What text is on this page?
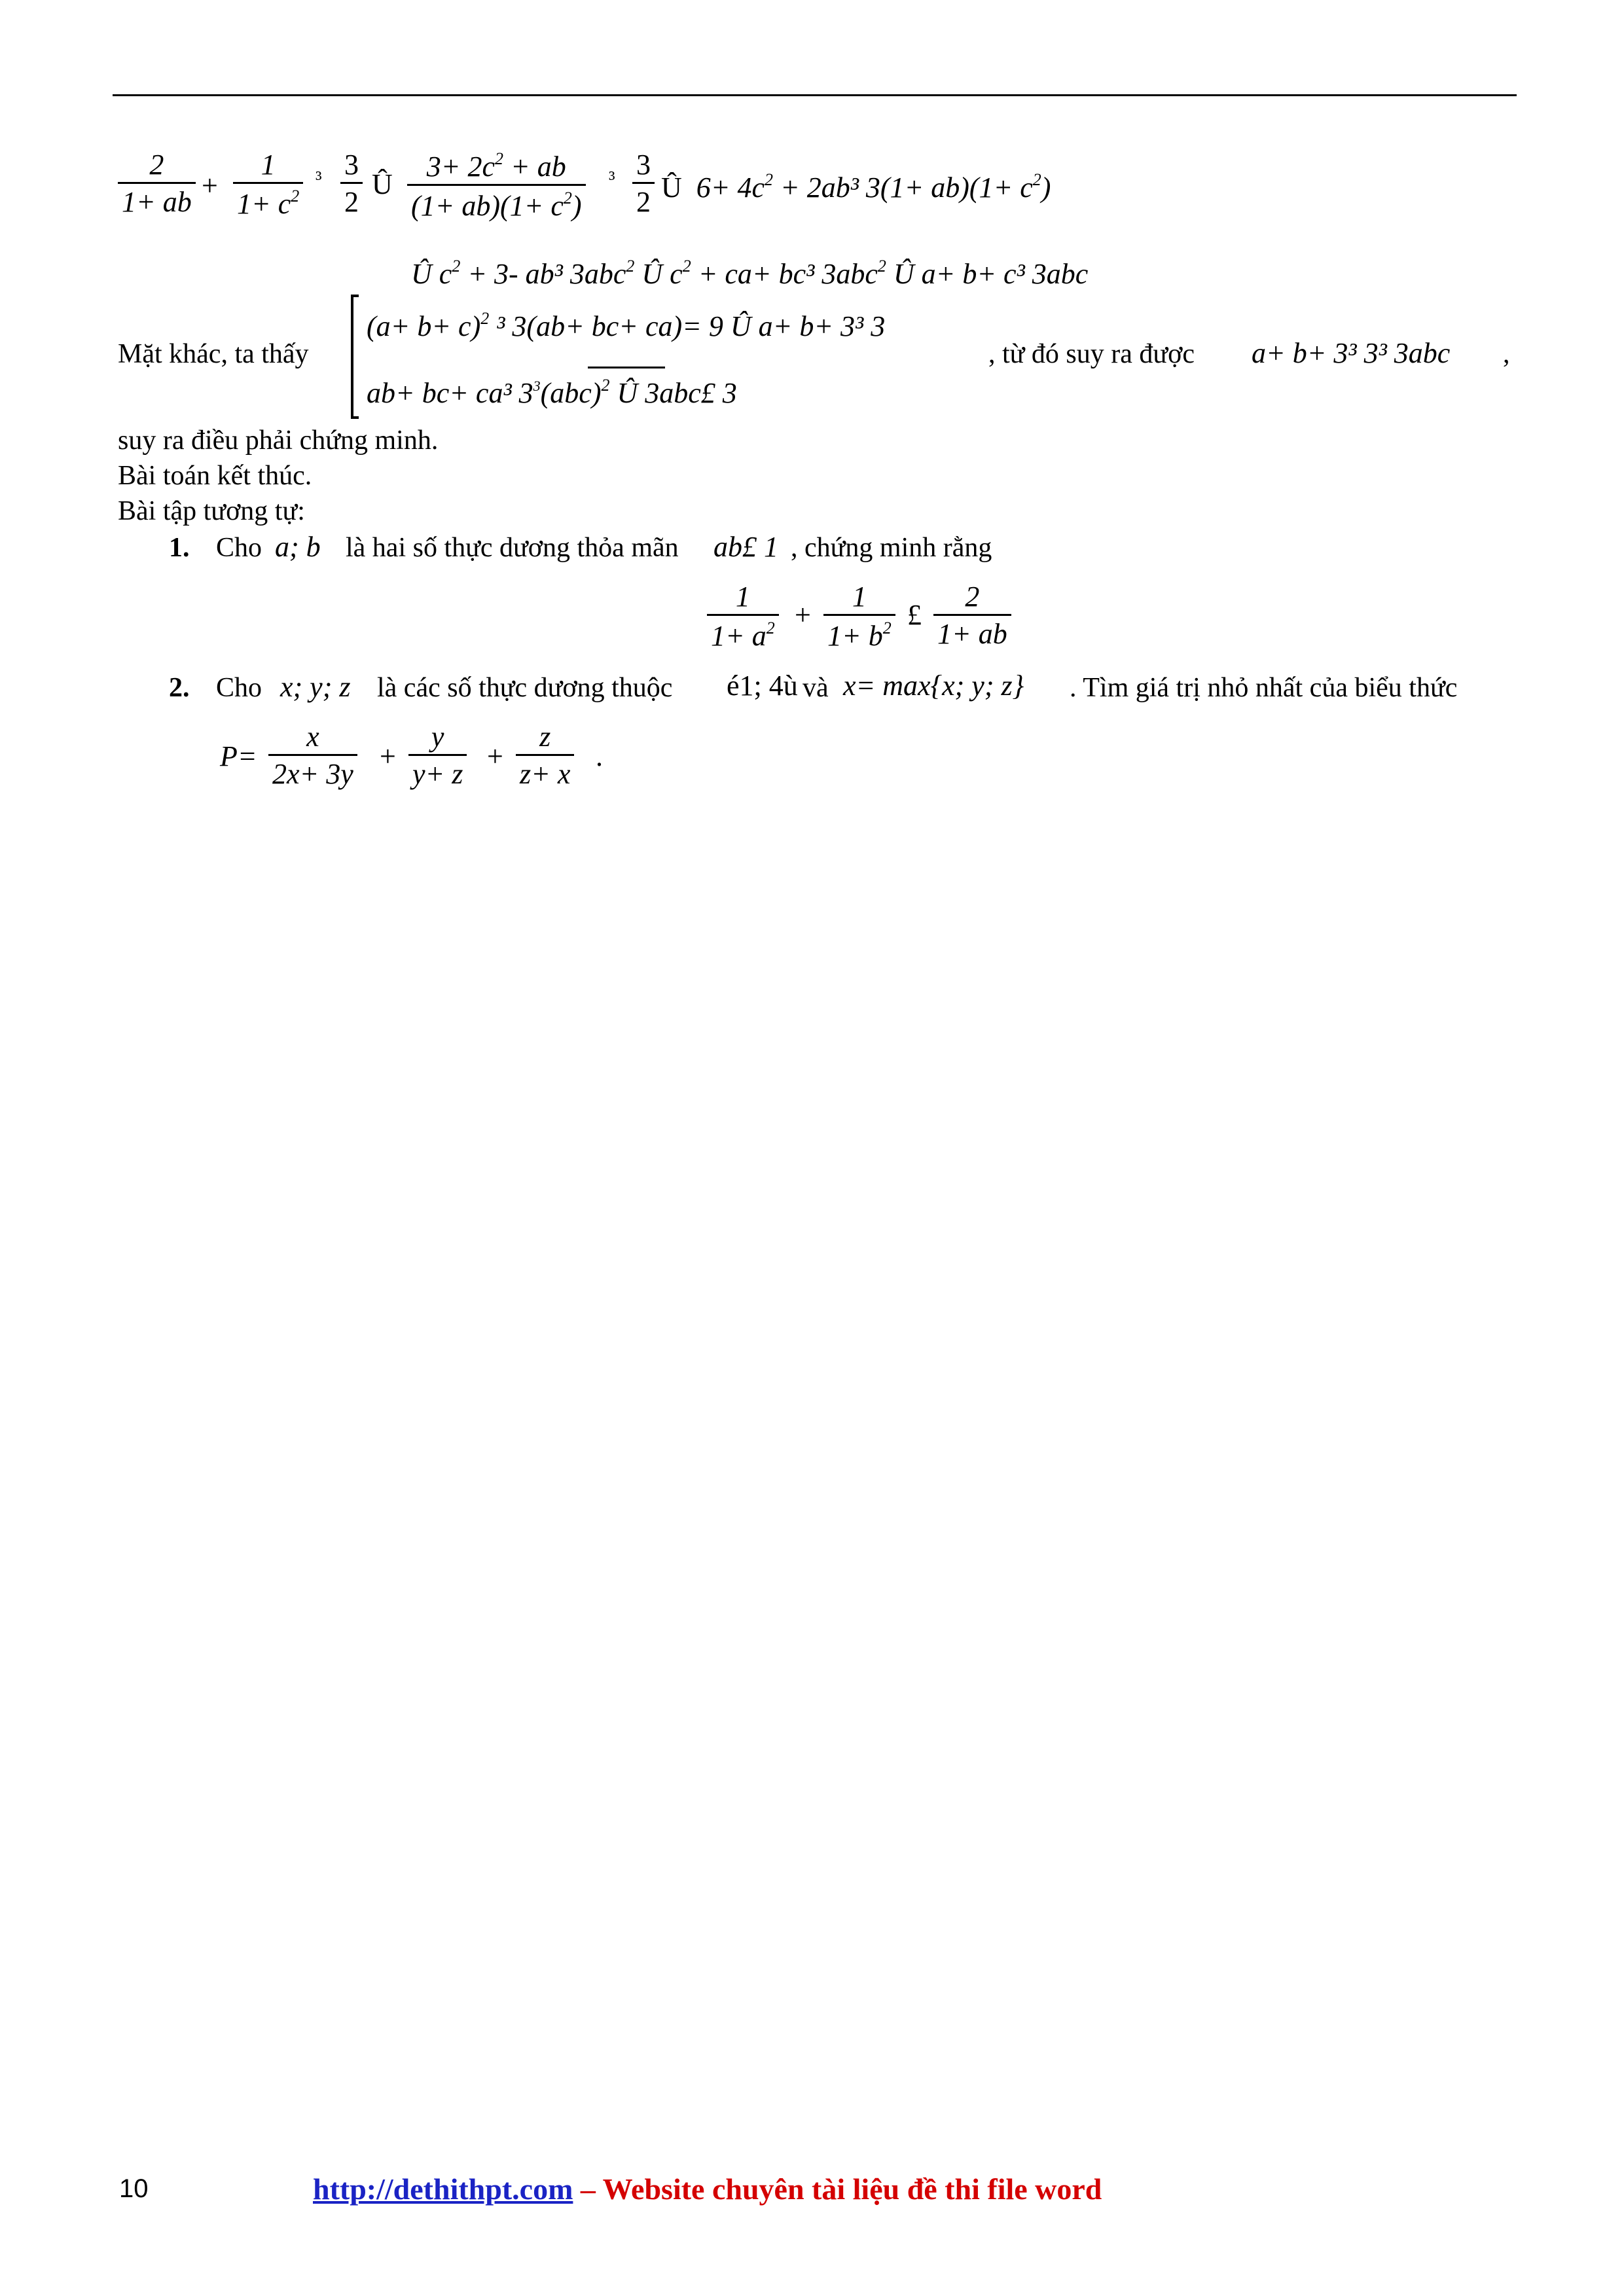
2
1+ ab
+
1
$1+ c^2$
³ 3
2
Û
$3+ 2c^2$ + ab
$(1+ ab)(1+ c^2)$
³ 3
2 Û $6+ 4c^2 + 2ab^3$ $3(1+ ab)(1+ c^2)$
Û $c^2 + 3-$ ab³ 3abc$^2$ Û $c^2 + ca+ bc^3$ 3abc$^2$ Û a+ b+ c³ 3abc
Mặt khác, ta thấy
$(a+ b+ c)^2$ ³ 3(ab+ bc+ ca)= 9 Û a+ b+ 3³ 3
ab+ bc+ ca³ $3^3(abc)^2$ Û 3abc£ 3
, từ đó suy ra được a+ b+ 3³ 3³ 3abc ,
suy ra điều phải chứng minh.
Bài toán kết thúc.
Bài tập tương tự:
1. Cho a; b là hai số thực dương thỏa mãn ab£ 1 , chứng minh rằng
1
$1+ a^2$ +
1
$1+ b^2$ £
2
1+ ab
2. Cho x; y; z là các số thực dương thuộc é1; 4ù và x= max{x; y; z} . Tìm giá trị nhỏ nhất của biểu thức
P=
x
2x+ 3y
+
y
y+ z
+
z
z+ x
.
10	http://dethithpt.com – Website chuyên tài liệu đề thi file word
